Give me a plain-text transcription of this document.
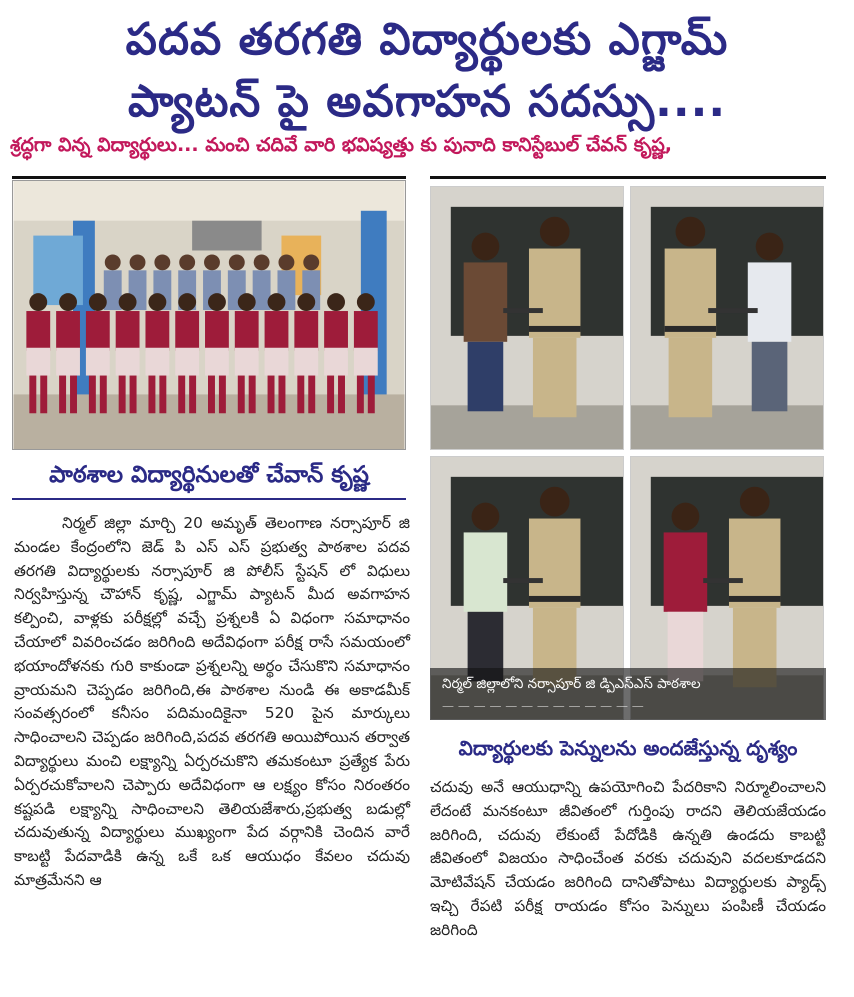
పదవ తరగతి విద్యార్థులకు ఎగ్జామ్
ప్యాటన్ పై అవగాహన సదస్సు....
శ్రద్ధగా విన్న విద్యార్థులు... మంచి చదివే వారి భవిష్యత్తు కు పునాది కానిస్టేబుల్ చేవన్ కృష్ణ,
పాఠశాల విద్యార్థినులతో చేవాన్ కృష్ణ

నిర్మల్ జిల్లా మార్చి 20 అమృత్ తెలంగాణ నర్సాపూర్ జి మండల కేంద్రంలోని జెడ్ పి ఎస్ ఎస్ ప్రభుత్వ పాఠశాల పదవ తరగతి విద్యార్థులకు నర్సాపూర్ జి పోలీస్ స్టేషన్ లో విధులు నిర్వహిస్తున్న చౌహాన్ కృష్ణ, ఎగ్జామ్ ప్యాటన్ మీద అవగాహన కల్పించి, వాళ్లకు పరీక్షల్లో వచ్చే ప్రశ్నలకి ఏ విధంగా సమాధానం చేయాలో వివరించడం జరిగింది అదేవిధంగా పరీక్ష రాసే సమయంలో భయాందోళనకు గురి కాకుండా ప్రశ్నలన్ని అర్థం చేసుకొని సమాధానం వ్రాయమని చెప్పడం జరిగింది,ఈ పాఠశాల నుండి ఈ అకాడమీక్ సంవత్సరంలో కనీసం పదిమందికైనా 520 పైన మార్కులు సాధించాలని చెప్పడం జరిగింది,పదవ తరగతి అయిపోయిన తర్వాత విద్యార్థులు మంచి లక్ష్యాన్ని ఏర్పరచుకొని తమకంటూ ప్రత్యేక పేరు ఏర్పరచుకోవాలని చెప్పారు అదేవిధంగా ఆ లక్ష్యం కోసం నిరంతరం కష్టపడి లక్ష్యాన్ని సాధించాలని తెలియజేశారు,ప్రభుత్వ బడుల్లో చదువుతున్న విద్యార్థులు ముఖ్యంగా పేద వర్గానికి చెందిన వారే కాబట్టి పేదవాడికి ఉన్న ఒకే ఒక ఆయుధం కేవలం చదువు మాత్రమేనని ఆ

నిర్మల్ జిల్లాలోని నర్సాపూర్ జి డ్పిఎస్ఎస్ పాఠశాల
— — — — — — — — — — — — —
విద్యార్థులకు పెన్నులను అందజేస్తున్న దృశ్యం

చదువు అనే ఆయుధాన్ని ఉపయోగించి పేదరికాని నిర్మూలించాలని లేదంటే మనకంటూ జీవితంలో గుర్తింపు రాదని తెలియజేయడం జరిగింది, చదువు లేకుంటే పేదోడికి ఉన్నతి ఉండదు కాబట్టి జీవితంలో విజయం సాధించేంత వరకు చదువుని వదలకూడదని మోటివేషన్ చేయడం జరిగింది దానితోపాటు విద్యార్థులకు ప్యాడ్స్ ఇచ్చి రేపటి పరీక్ష రాయడం కోసం పెన్నులు పంపిణీ చేయడం జరిగింది
